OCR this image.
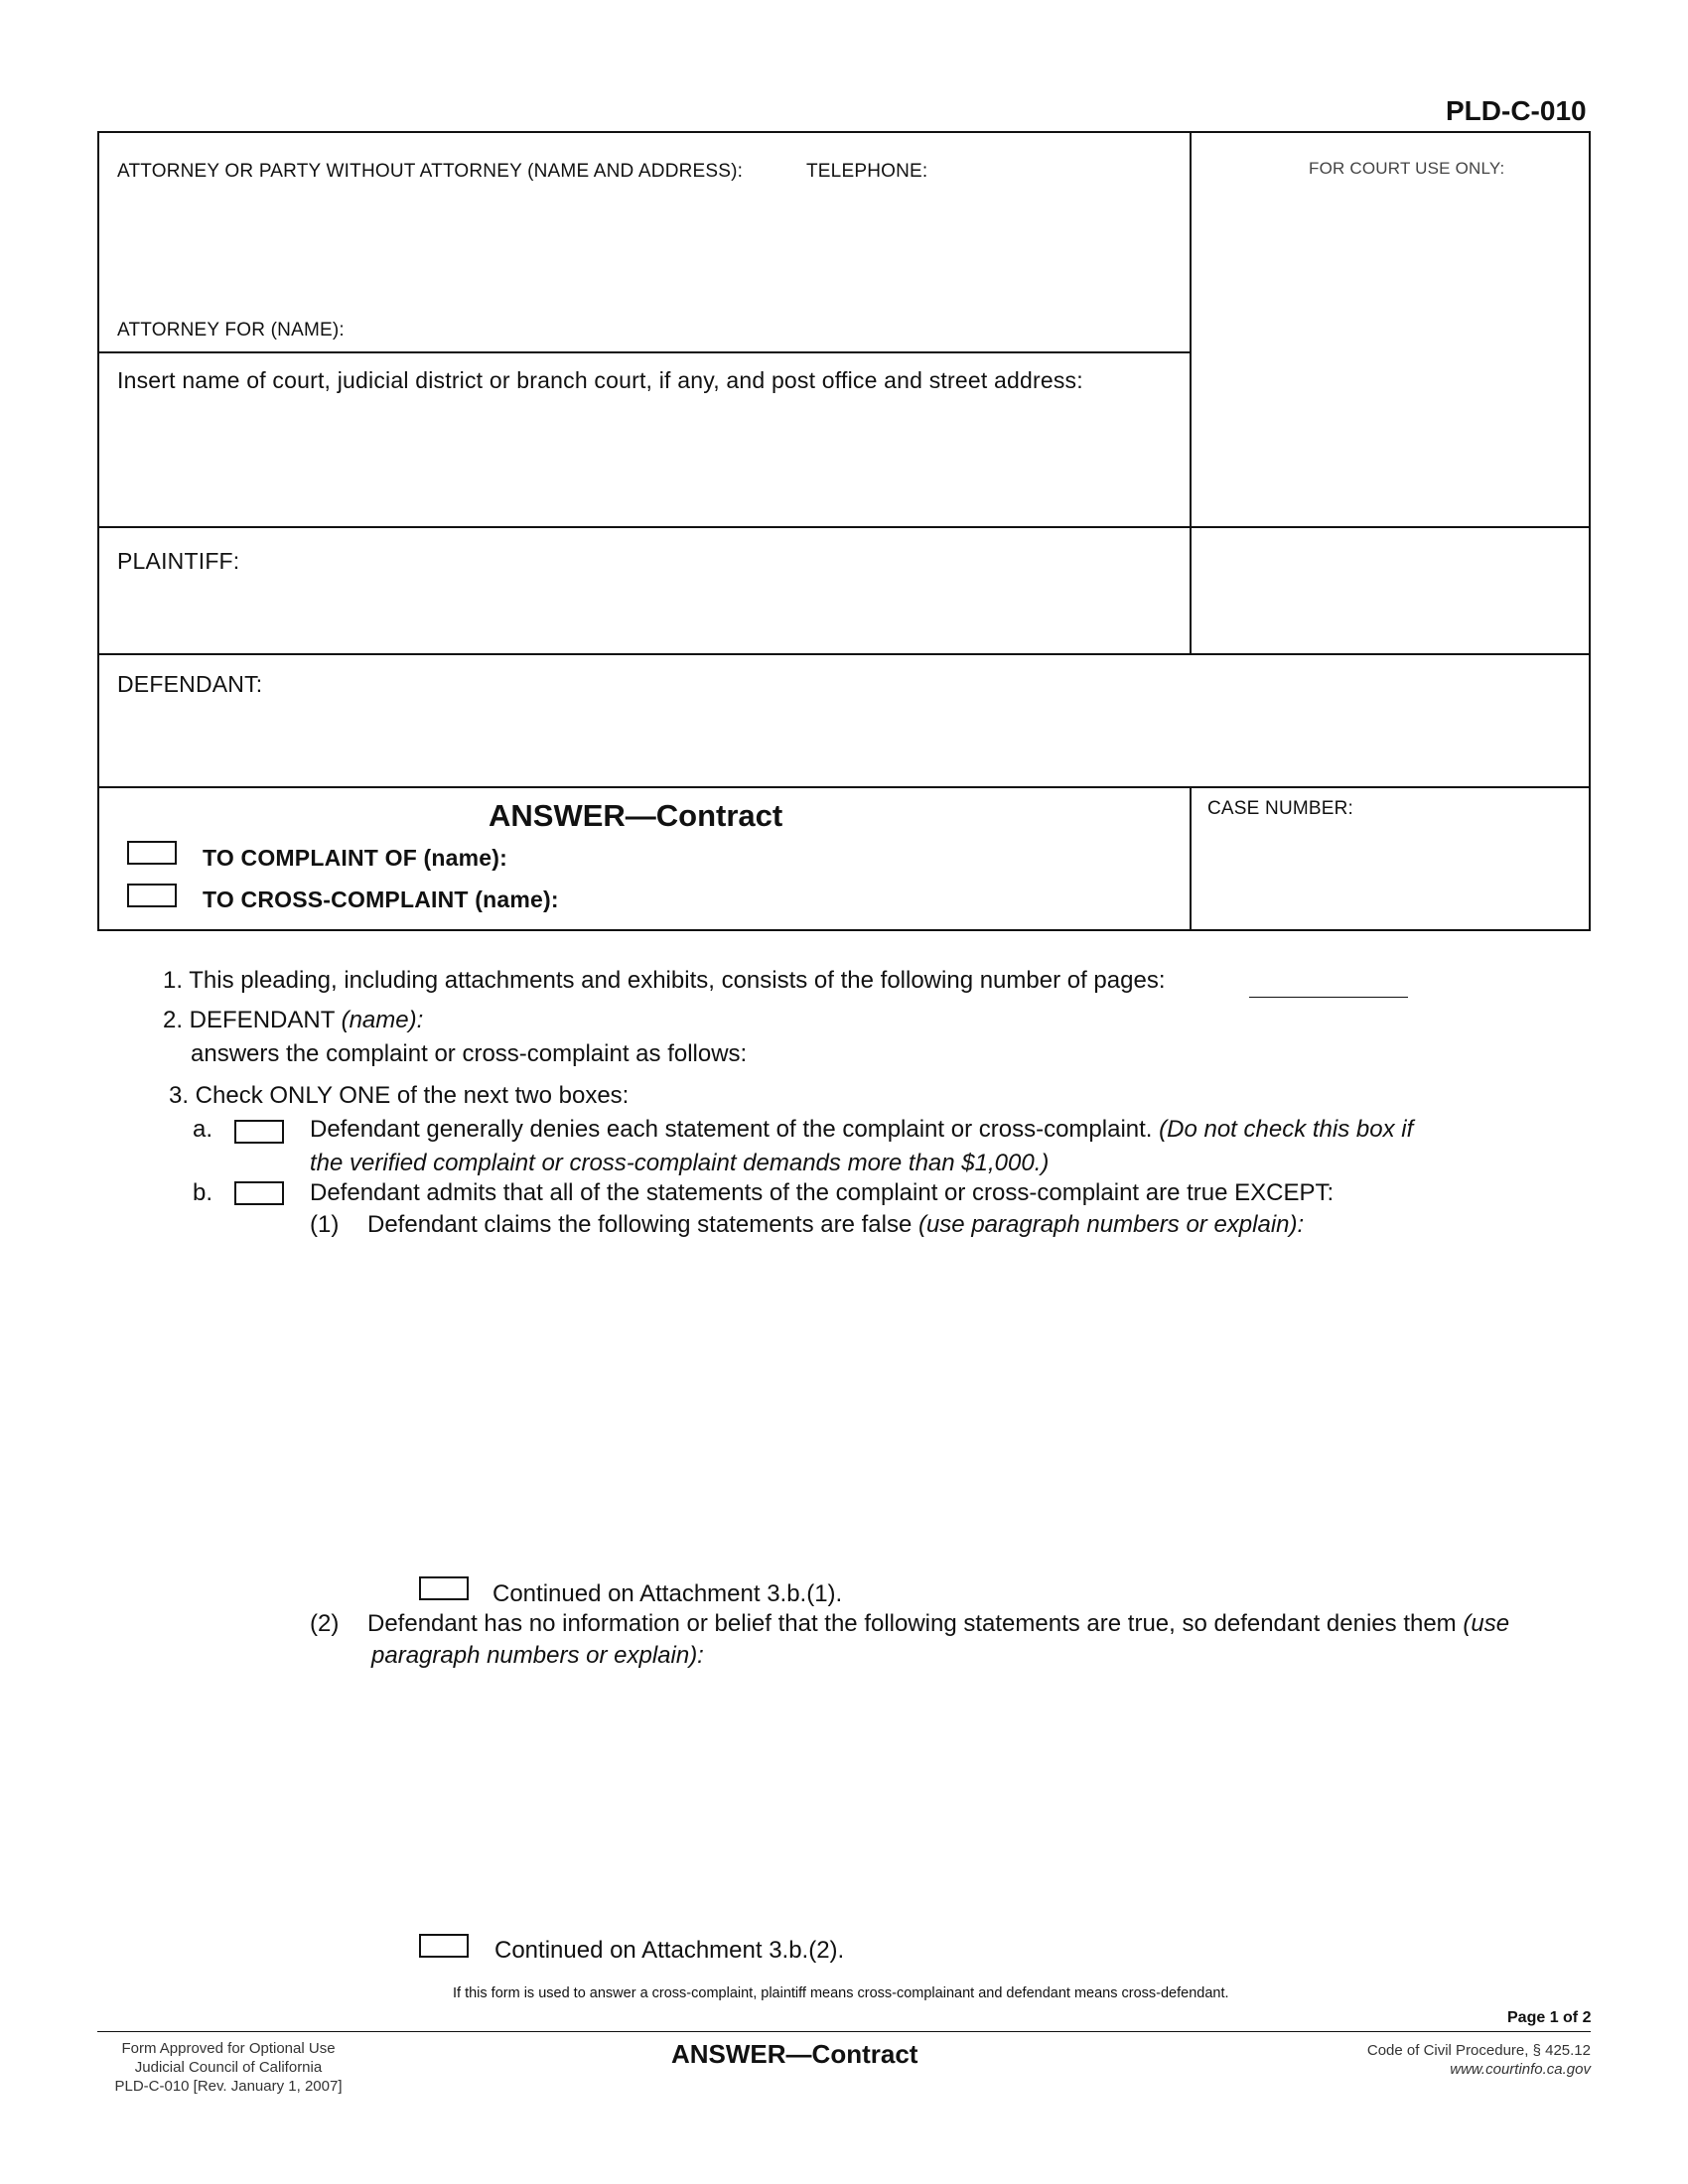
PLD-C-010
ATTORNEY OR PARTY WITHOUT ATTORNEY (NAME AND ADDRESS):	TELEPHONE:	FOR COURT USE ONLY:
ATTORNEY FOR (NAME):
Insert name of court, judicial district or branch court, if any, and post office and street address:
PLAINTIFF:
DEFENDANT:
ANSWER—Contract
TO COMPLAINT OF (name):
TO CROSS-COMPLAINT (name):
CASE NUMBER:
1. This pleading, including attachments and exhibits, consists of the following number of pages:
2. DEFENDANT (name):
answers the complaint or cross-complaint as follows:
3. Check ONLY ONE of the next two boxes:
a.	Defendant generally denies each statement of the complaint or cross-complaint. (Do not check this box if
the verified complaint or cross-complaint demands more than $1,000.)
b.	Defendant admits that all of the statements of the complaint or cross-complaint are true EXCEPT:
(1) Defendant claims the following statements are false (use paragraph numbers or explain):
Continued on Attachment 3.b.(1).
(2) Defendant has no information or belief that the following statements are true, so defendant denies them (use
paragraph numbers or explain):
Continued on Attachment 3.b.(2).
If this form is used to answer a cross-complaint, plaintiff means cross-complainant and defendant means cross-defendant.
Page 1 of 2
Form Approved for Optional Use
Judicial Council of California
PLD-C-010 [Rev. January 1, 2007]
ANSWER—Contract	Code of Civil Procedure, § 425.12
www.courtinfo.ca.gov
